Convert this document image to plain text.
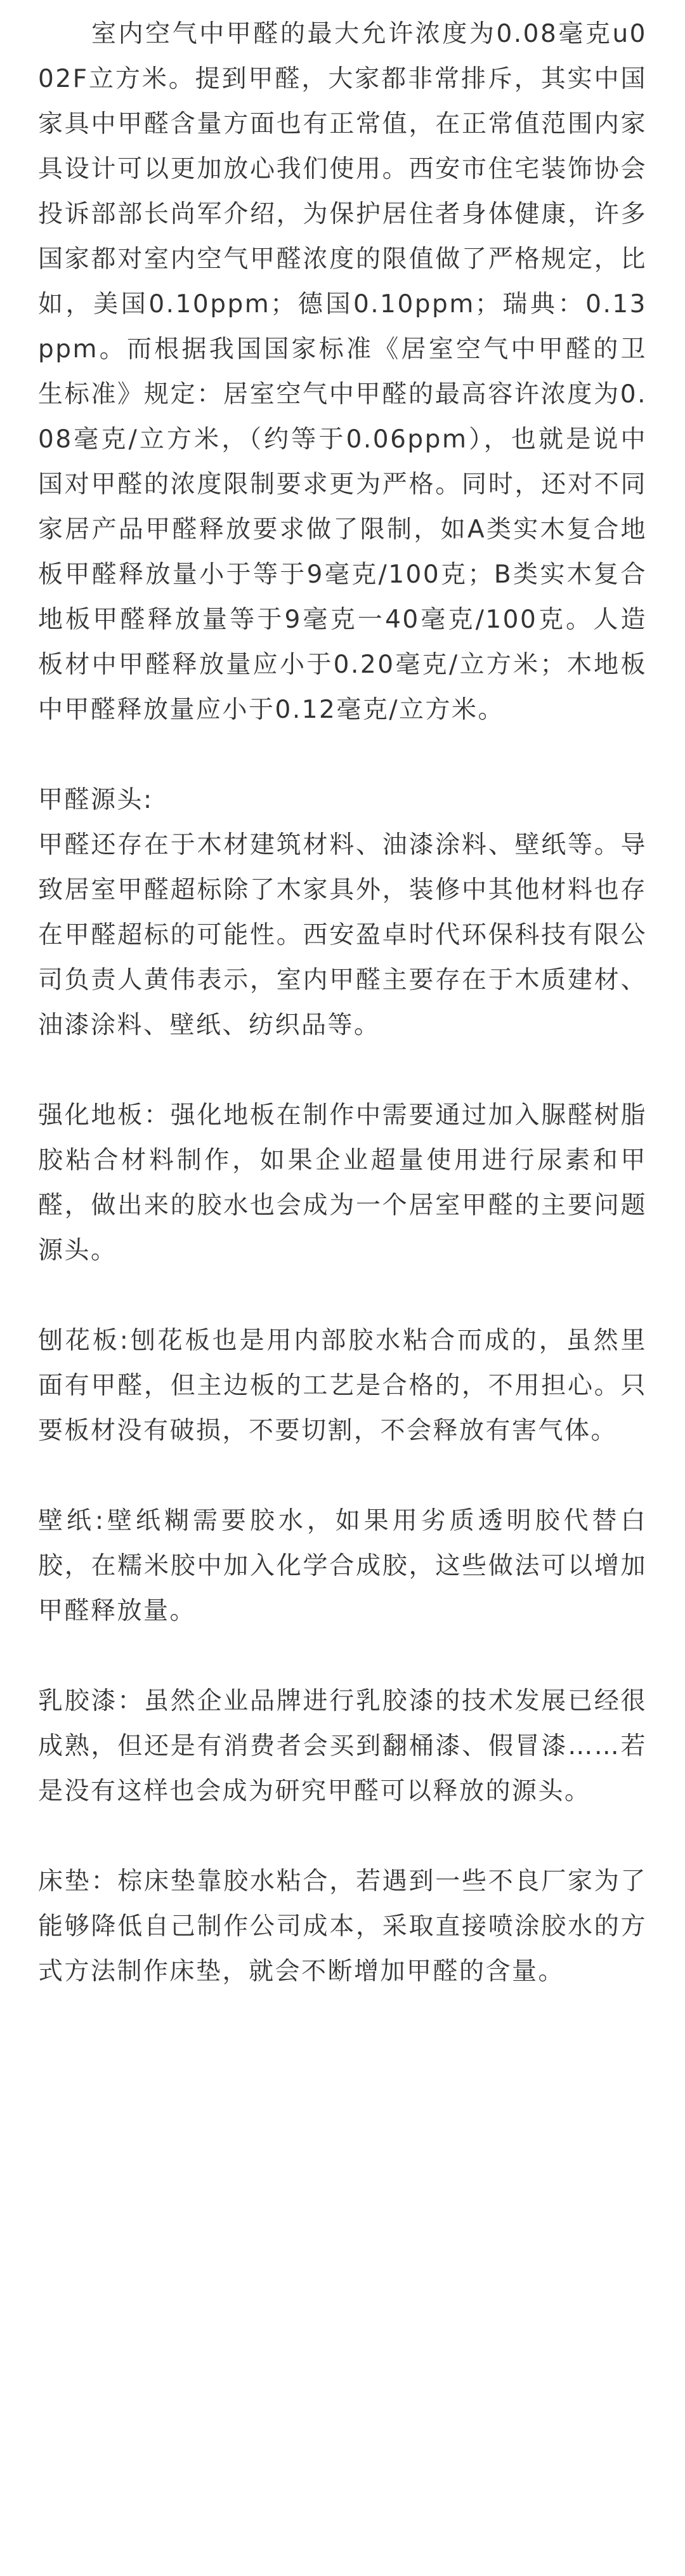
室内空气中甲醛的最大允许浓度为0.08毫克u002F立方米。提到甲醛，大家都非常排斥，其实中国家具中甲醛含量方面也有正常值，在正常值范围内家具设计可以更加放心我们使用。西安市住宅装饰协会投诉部部长尚军介绍，为保护居住者身体健康，许多国家都对室内空气甲醛浓度的限值做了严格规定，比如，美国0.10ppm；德国0.10ppm；瑞典：0.13ppm。而根据我国国家标准《居室空气中甲醛的卫生标准》规定：居室空气中甲醛的最高容许浓度为0.08毫克/立方米，（约等于0.06ppm），也就是说中国对甲醛的浓度限制要求更为严格。同时，还对不同家居产品甲醛释放要求做了限制，如A类实木复合地板甲醛释放量小于等于9毫克/100克；B类实木复合地板甲醛释放量等于9毫克一40毫克/100克。人造板材中甲醛释放量应小于0.20毫克/立方米；木地板中甲醛释放量应小于0.12毫克/立方米。

甲醛源头:

甲醛还存在于木材建筑材料、油漆涂料、壁纸等。导致居室甲醛超标除了木家具外，装修中其他材料也存在甲醛超标的可能性。西安盈卓时代环保科技有限公司负责人黄伟表示，室内甲醛主要存在于木质建材、油漆涂料、壁纸、纺织品等。

强化地板：强化地板在制作中需要通过加入脲醛树脂胶粘合材料制作，如果企业超量使用进行尿素和甲醛，做出来的胶水也会成为一个居室甲醛的主要问题源头。

刨花板:刨花板也是用内部胶水粘合而成的，虽然里面有甲醛，但主边板的工艺是合格的，不用担心。只要板材没有破损，不要切割，不会释放有害气体。

壁纸:壁纸糊需要胶水，如果用劣质透明胶代替白胶，在糯米胶中加入化学合成胶，这些做法可以增加甲醛释放量。

乳胶漆：虽然企业品牌进行乳胶漆的技术发展已经很成熟，但还是有消费者会买到翻桶漆、假冒漆……若是没有这样也会成为研究甲醛可以释放的源头。

床垫：棕床垫靠胶水粘合，若遇到一些不良厂家为了能够降低自己制作公司成本，采取直接喷涂胶水的方式方法制作床垫，就会不断增加甲醛的含量。
